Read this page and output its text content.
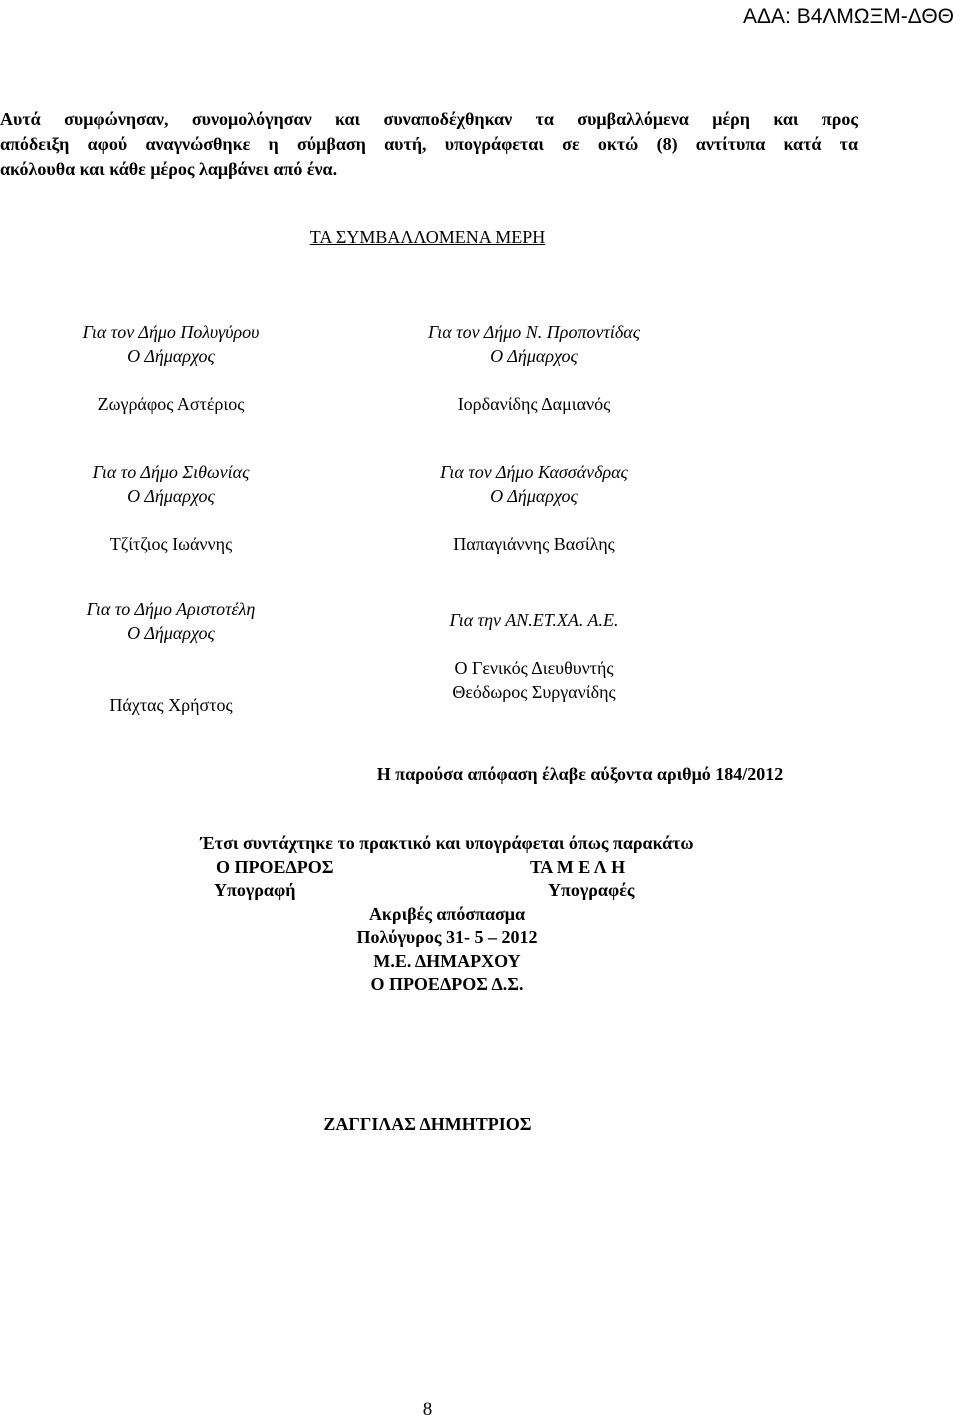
ΑΔΑ: Β4ΛΜΩΞΜ-ΔΘΘ
Αυτά συμφώνησαν, συνομολόγησαν και συναποδέχθηκαν τα συμβαλλόμενα μέρη και προς
απόδειξη αφού αναγνώσθηκε η σύμβαση αυτή, υπογράφεται σε οκτώ (8) αντίτυπα κατά τα
ακόλουθα και κάθε μέρος λαμβάνει από ένα.
ΤΑ ΣΥΜΒΑΛΛΟΜΕΝΑ ΜΕΡΗ
Για τον Δήμο Πολυγύρου
Ο Δήμαρχος
Ζωγράφος Αστέριος
Για τον Δήμο Ν. Προποντίδας
Ο Δήμαρχος
Ιορδανίδης Δαμιανός
Για το Δήμο Σιθωνίας
Ο Δήμαρχος
Τζίτζιος Ιωάννης
Για τον Δήμο Κασσάνδρας
Ο Δήμαρχος
Παπαγιάννης Βασίλης
Για το Δήμο Αριστοτέλη
Ο Δήμαρχος
Πάχτας Χρήστος
Για την ΑΝ.ΕΤ.ΧΑ. Α.Ε.
Ο Γενικός Διευθυντής
Θεόδωρος Συργανίδης
Η παρούσα απόφαση έλαβε αύξοντα αριθμό 184/2012
Έτσι συντάχτηκε το πρακτικό και υπογράφεται όπως παρακάτω
Ο ΠΡΟΕΔΡΟΣ	ΤΑ Μ Ε Λ Η
Υπογραφή	Υπογραφές
Ακριβές απόσπασμα
Πολύγυρος 31- 5 – 2012
Μ.Ε. ΔΗΜΑΡΧΟΥ
Ο ΠΡΟΕΔΡΟΣ Δ.Σ.
ΖΑΓΓΙΛΑΣ ΔΗΜΗΤΡΙΟΣ
8
